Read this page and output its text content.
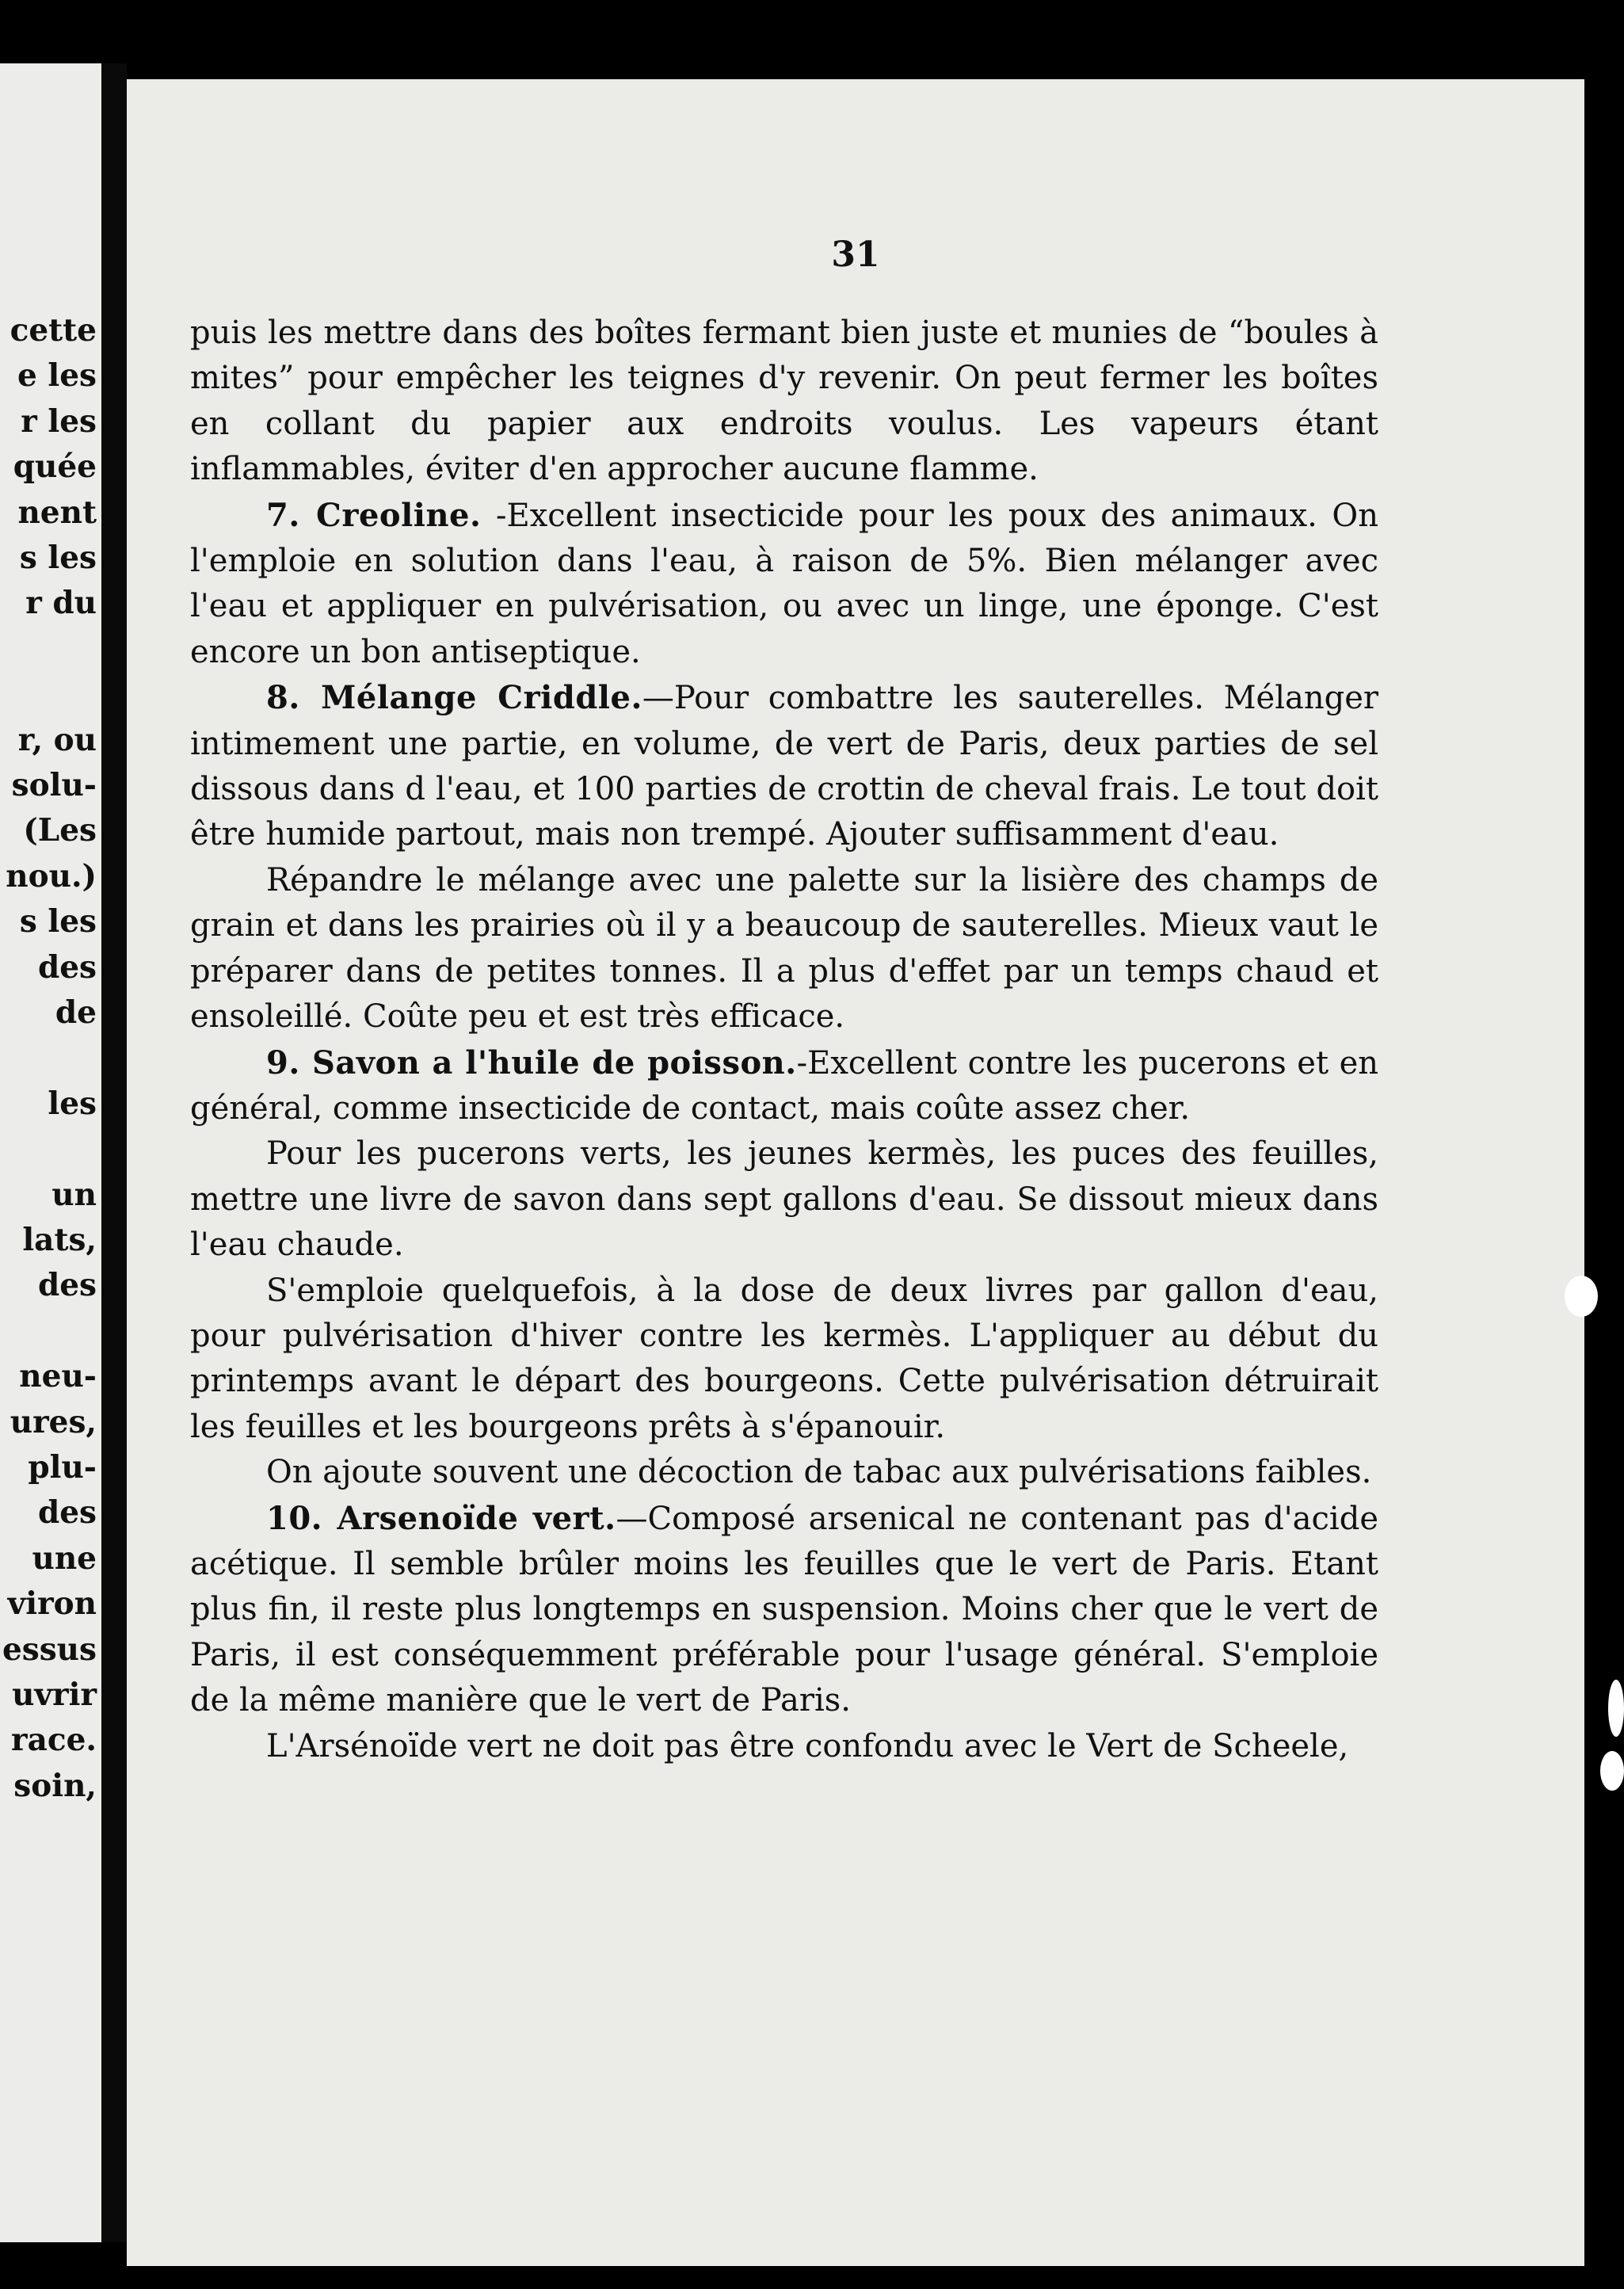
cette

e les

r les

quée

nent

s les

r du

r, ou

solu-

(Les

nou.)

s les

des

de

les

un

lats,

des

neu-

ures,

plu-

des

une

viron

essus

uvrir

race.

soin,

31

puis les mettre dans des boîtes fermant bien juste et munies de “boules à mites” pour empêcher les teignes d'y revenir. On peut fermer les boîtes en collant du papier aux endroits voulus. Les vapeurs étant inflammables, éviter d'en approcher aucune flamme.

7. Creoline. -Excellent insecticide pour les poux des animaux. On l'emploie en solution dans l'eau, à raison de 5%. Bien mélanger avec l'eau et appliquer en pulvérisation, ou avec un linge, une éponge. C'est encore un bon antiseptique.

8. Mélange Criddle.—Pour combattre les sauterelles. Mélanger intimement une partie, en volume, de vert de Paris, deux parties de sel dissous dans d l'eau, et 100 parties de crottin de cheval frais. Le tout doit être humide partout, mais non trempé. Ajouter suffisamment d'eau.

Répandre le mélange avec une palette sur la lisière des champs de grain et dans les prairies où il y a beaucoup de sauterelles. Mieux vaut le préparer dans de petites tonnes. Il a plus d'effet par un temps chaud et ensoleillé. Coûte peu et est très efficace.

9. Savon a l'huile de poisson.-Excellent contre les pucerons et en général, comme insecticide de contact, mais coûte assez cher.

Pour les pucerons verts, les jeunes kermès, les puces des feuilles, mettre une livre de savon dans sept gallons d'eau. Se dissout mieux dans l'eau chaude.

S'emploie quelquefois, à la dose de deux livres par gallon d'eau, pour pulvérisation d'hiver contre les kermès. L'appliquer au début du printemps avant le départ des bourgeons. Cette pulvérisation détruirait les feuilles et les bourgeons prêts à s'épanouir.

On ajoute souvent une décoction de tabac aux pulvérisations faibles.

10. Arsenoïde vert.—Composé arsenical ne contenant pas d'acide acétique. Il semble brûler moins les feuilles que le vert de Paris. Etant plus fin, il reste plus longtemps en suspension. Moins cher que le vert de Paris, il est conséquemment préférable pour l'usage général. S'emploie de la même manière que le vert de Paris.

L'Arsénoïde vert ne doit pas être confondu avec le Vert de Scheele,
